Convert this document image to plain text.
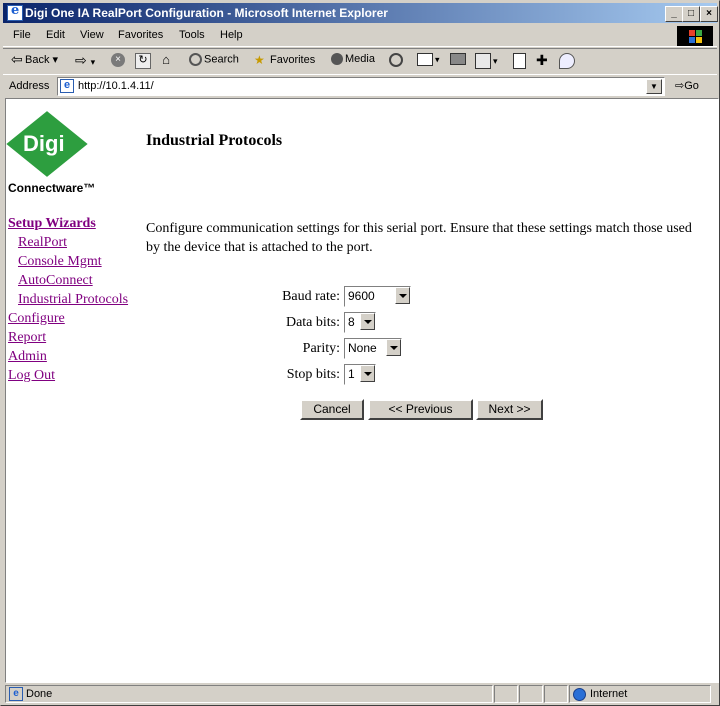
e
Digi One IA RealPort Configuration - Microsoft Internet Explorer	_	□	×
File Edit View Favorites Tools Help
⇦ Back ▾ ⇨ ▾	×	↻	⌂	Search ★ Favorites	Media	▾	▾	✚
Address	e http://10.1.4.11/	▼	⇨Go
Digi
Connectware™
Setup Wizards
RealPort
Console Mgmt
AutoConnect
Industrial Protocols
Configure
Report
Admin
Log Out
Industrial Protocols
Configure communication settings for this serial port. Ensure that these settings match those used by the device that is attached to the port.
Baud rate: 9600
Data bits: 8
Parity: None
Stop bits: 1
Cancel	<< Previous	Next >>
e Done	Internet
